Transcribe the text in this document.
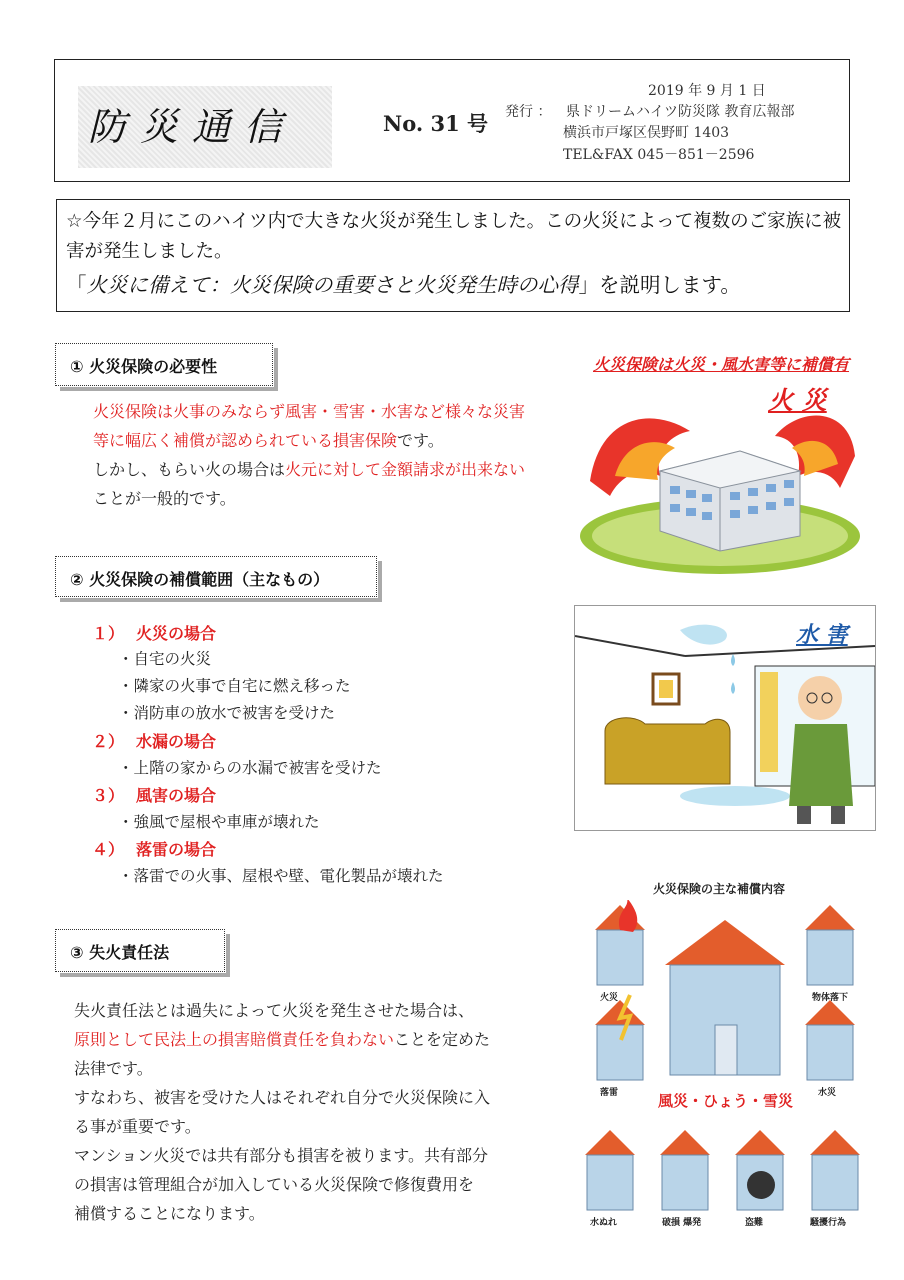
防災通信	No. 31 号
2019 年 9 月 1 日
発行 ： 県ドリームハイツ防災隊 教育広報部
横浜市戸塚区俣野町 1403
TEL&FAX 045－851－2596
☆今年２月にこのハイツ内で大きな火災が発生しました。この火災によって複数のご家族に被害が発生しました。
「火災に備えて：火災保険の重要さと火災発生時の心得」を説明します。
① 火災保険の必要性
火災保険は火事のみならず風害・雪害・水害など様々な災害等に幅広く補償が認められている損害保険です。
しかし、もらい火の場合は火元に対して金額請求が出来ないことが一般的です。
② 火災保険の補償範囲（主なもの）
１） 火災の場合
・自宅の火災
・隣家の火事で自宅に燃え移った
・消防車の放水で被害を受けた
２） 水漏の場合
・上階の家からの水漏で被害を受けた
３） 風害の場合
・強風で屋根や車庫が壊れた
４） 落雷の場合
・落雷での火事、屋根や壁、電化製品が壊れた
③ 失火責任法
失火責任法とは過失によって火災を発生させた場合は、
原則として民法上の損害賠償責任を負わないことを定めた
法律です。
すなわち、被害を受けた人はそれぞれ自分で火災保険に入
る事が重要です。
マンション火災では共有部分も損害を被ります。共有部分
の損害は管理組合が加入している火災保険で修復費用を
補償することになります。
火災保険は火災・風水害等に補償有
火 災
水 害
火災保険の主な補償内容
火災	物体落下
落雷	水災
風災・ひょう・雪災
水ぬれ	破損 爆発	盗難	騒擾行為
